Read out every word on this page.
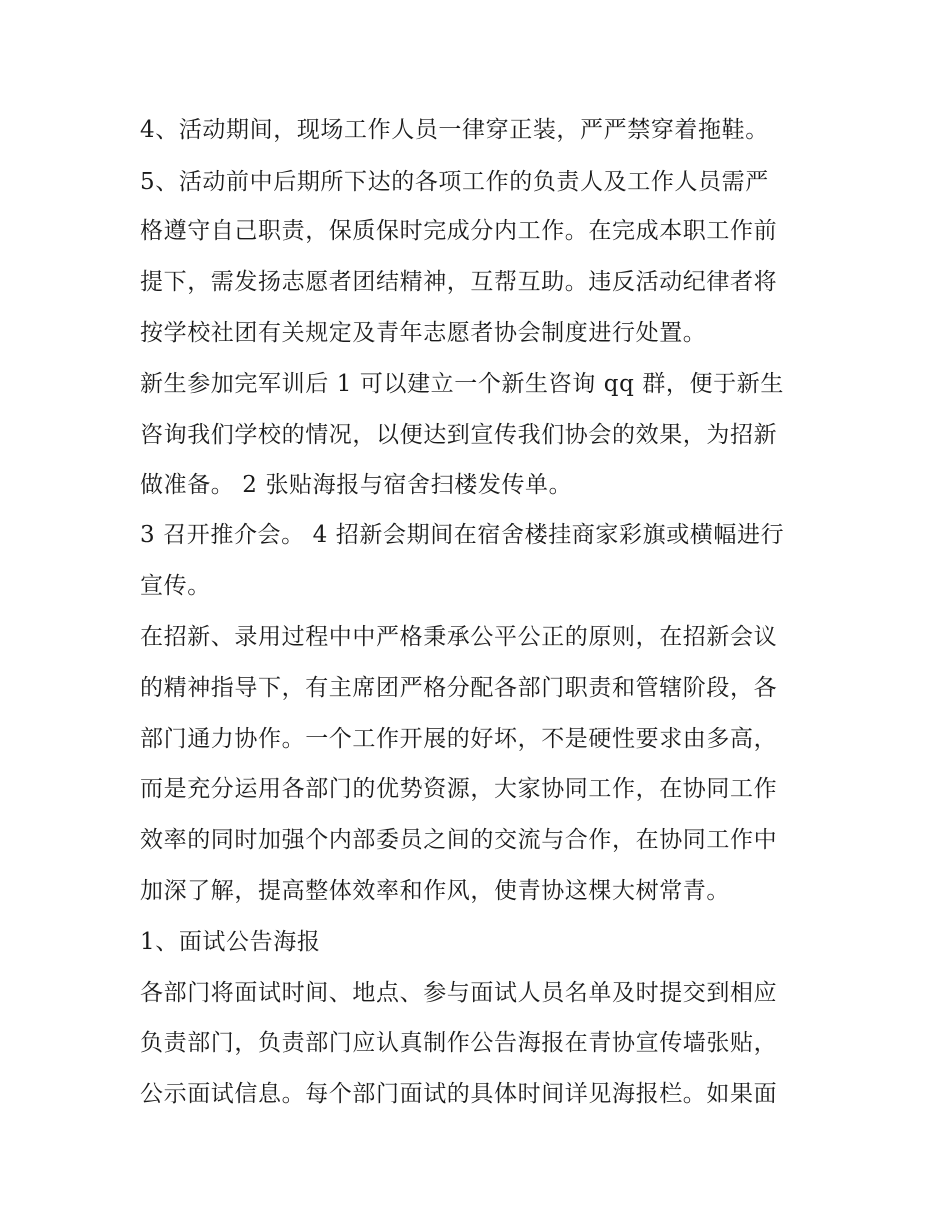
4、活动期间，现场工作人员一律穿正装，严严禁穿着拖鞋。
5、活动前中后期所下达的各项工作的负责人及工作人员需严
格遵守自己职责，保质保时完成分内工作。在完成本职工作前
提下，需发扬志愿者团结精神，互帮互助。违反活动纪律者将
按学校社团有关规定及青年志愿者协会制度进行处置。
新生参加完军训后 1 可以建立一个新生咨询 qq 群，便于新生
咨询我们学校的情况，以便达到宣传我们协会的效果，为招新
做准备。 2 张贴海报与宿舍扫楼发传单。
3 召开推介会。 4 招新会期间在宿舍楼挂商家彩旗或横幅进行
宣传。
在招新、录用过程中中严格秉承公平公正的原则，在招新会议
的精神指导下，有主席团严格分配各部门职责和管辖阶段，各
部门通力协作。一个工作开展的好坏，不是硬性要求由多高，
而是充分运用各部门的优势资源，大家协同工作，在协同工作
效率的同时加强个内部委员之间的交流与合作，在协同工作中
加深了解，提高整体效率和作风，使青协这棵大树常青。
1、面试公告海报
各部门将面试时间、地点、参与面试人员名单及时提交到相应
负责部门，负责部门应认真制作公告海报在青协宣传墙张贴，
公示面试信息。每个部门面试的具体时间详见海报栏。如果面
